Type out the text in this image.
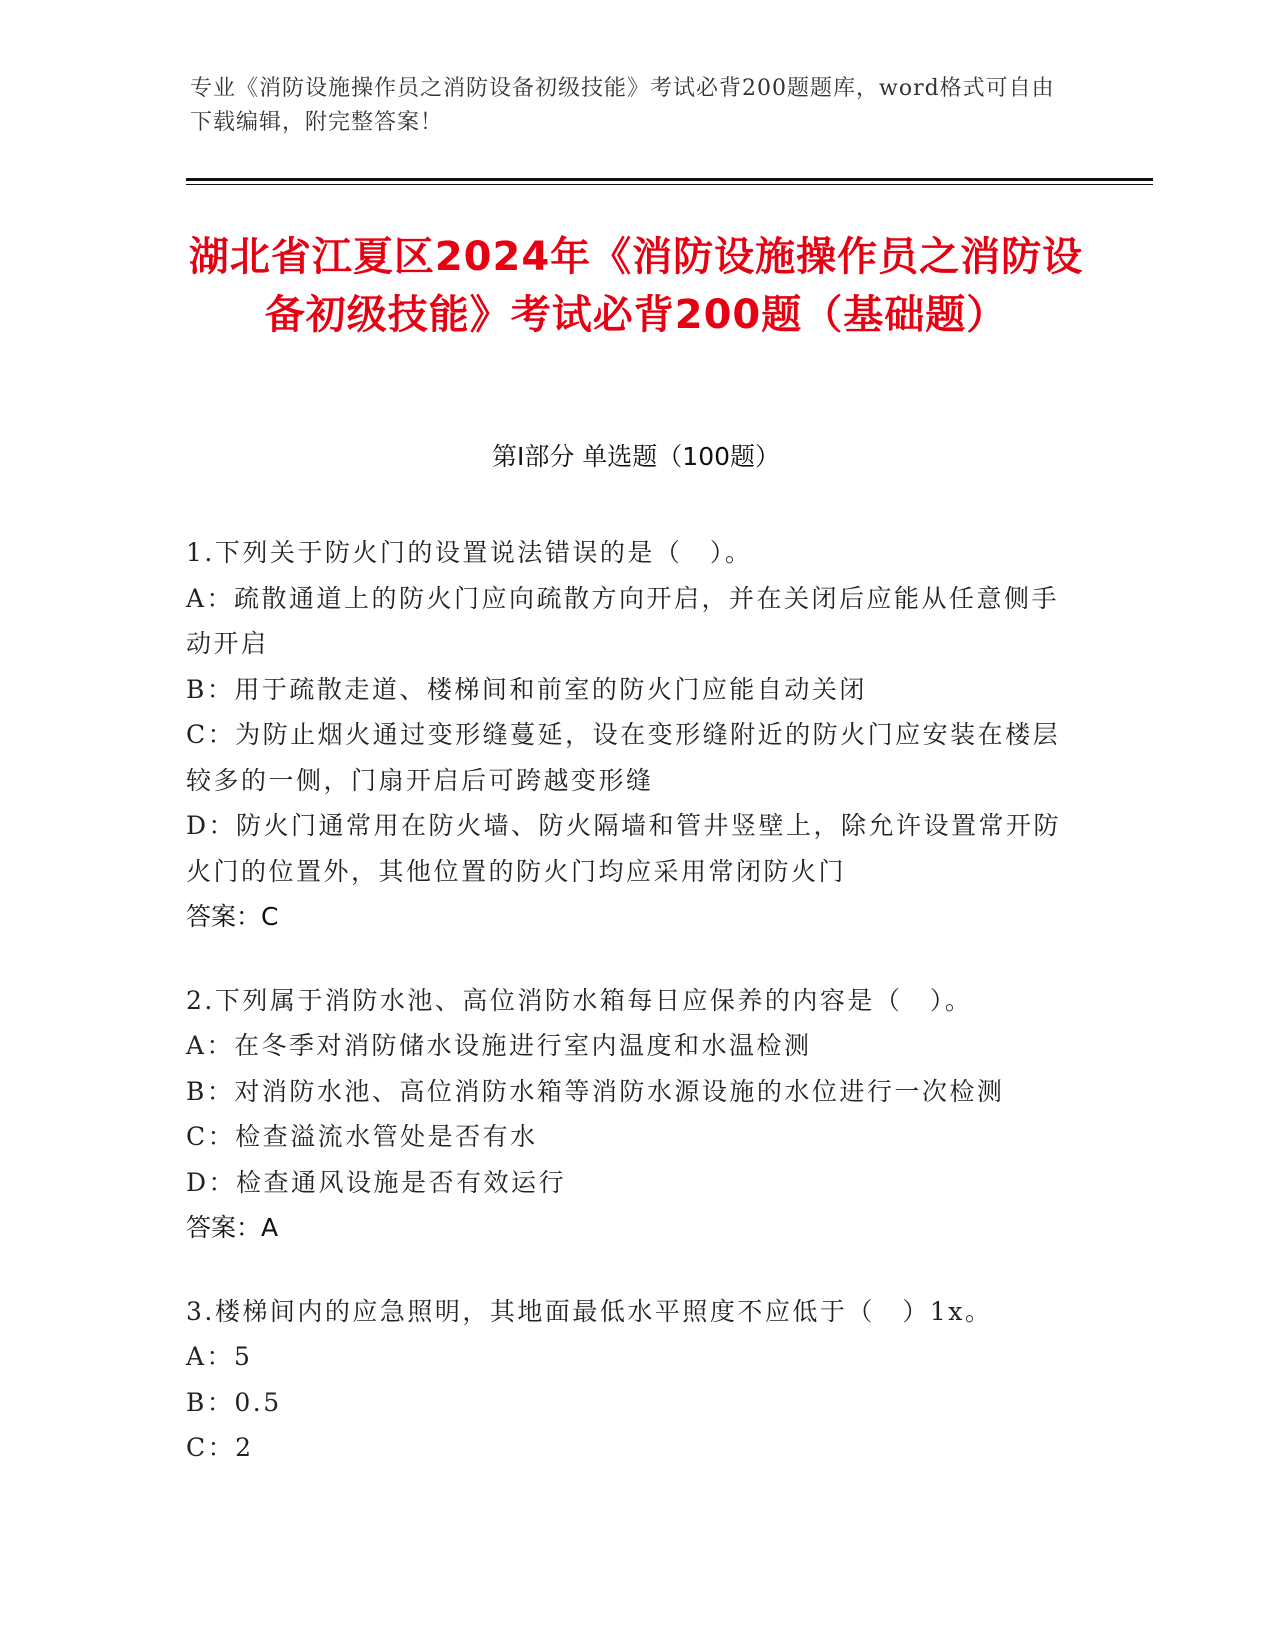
专业《消防设施操作员之消防设备初级技能》考试必背200题题库，word格式可自由下载编辑，附完整答案！
湖北省江夏区2024年《消防设施操作员之消防设备初级技能》考试必背200题（基础题）
第I部分 单选题（100题）
1.下列关于防火门的设置说法错误的是（　）。
A：疏散通道上的防火门应向疏散方向开启，并在关闭后应能从任意侧手动开启
B：用于疏散走道、楼梯间和前室的防火门应能自动关闭
C：为防止烟火通过变形缝蔓延，设在变形缝附近的防火门应安装在楼层较多的一侧，门扇开启后可跨越变形缝
D：防火门通常用在防火墙、防火隔墙和管井竖壁上，除允许设置常开防火门的位置外，其他位置的防火门均应采用常闭防火门
答案：C
2.下列属于消防水池、高位消防水箱每日应保养的内容是（　）。
A：在冬季对消防储水设施进行室内温度和水温检测
B：对消防水池、高位消防水箱等消防水源设施的水位进行一次检测
C：检查溢流水管处是否有水
D：检查通风设施是否有效运行
答案：A
3.楼梯间内的应急照明，其地面最低水平照度不应低于（　）1x。
A：5
B：0.5
C：2
